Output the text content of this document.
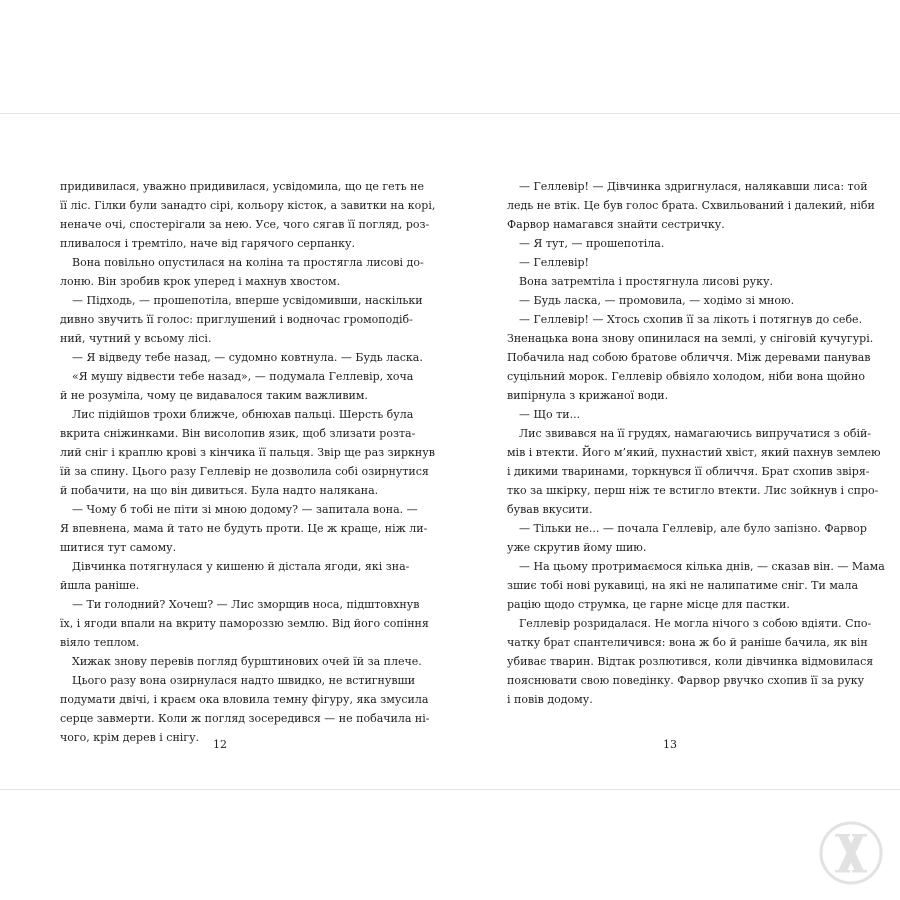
придивилася, уважно придивилася, усвідомила, що це геть не
її ліс. Гілки були занадто сірі, кольору кісток, а завитки на корі,
неначе очі, спостерігали за нею. Усе, чого сягав її погляд, роз-
пливалося і тремтіло, наче від гарячого серпанку.
Вона повільно опустилася на коліна та простягла лисові до-
лоню. Він зробив крок уперед і махнув хвостом.
— Підходь, — прошепотіла, вперше усвідомивши, наскільки
дивно звучить її голос: приглушений і водночас громоподіб-
ний, чутний у всьому лісі.
— Я відведу тебе назад, — судомно ковтнула. — Будь ласка.
«Я мушу відвести тебе назад», — подумала Геллевір, хоча
й не розуміла, чому це видавалося таким важливим.
Лис підійшов трохи ближче, обнюхав пальці. Шерсть була
вкрита сніжинками. Він висолопив язик, щоб злизати розта-
лий сніг і краплю крові з кінчика її пальця. Звір ще раз зиркнув
їй за спину. Цього разу Геллевір не дозволила собі озирнутися
й побачити, на що він дивиться. Була надто налякана.
— Чому б тобі не піти зі мною додому? — запитала вона. —
Я впевнена, мама й тато не будуть проти. Це ж краще, ніж ли-
шитися тут самому.
Дівчинка потягнулася у кишеню й дістала ягоди, які зна-
йшла раніше.
— Ти голодний? Хочеш? — Лис зморщив носа, підштовхнув
їх, і ягоди впали на вкриту памороззю землю. Від його сопіння
віяло теплом.
Хижак знову перевів погляд бурштинових очей їй за плече.
Цього разу вона озирнулася надто швидко, не встигнувши
подумати двічі, і краєм ока вловила темну фігуру, яка змусила
серце завмерти. Коли ж погляд зосередився — не побачила ні-
чого, крім дерев і снігу.
12
— Геллевір! — Дівчинка здригнулася, налякавши лиса: той
ледь не втік. Це був голос брата. Схвильований і далекий, ніби
Фарвор намагався знайти сестричку.
— Я тут, — прошепотіла.
— Геллевір!
Вона затремтіла і простягнула лисові руку.
— Будь ласка, — промовила, — ходімо зі мною.
— Геллевір! — Хтось схопив її за лікоть і потягнув до себе.
Зненацька вона знову опинилася на землі, у сніговій кучугурі.
Побачила над собою братове обличчя. Між деревами панував
суцільний морок. Геллевір обвіяло холодом, ніби вона щойно
випірнула з крижаної води.
— Що ти...
Лис звивався на її грудях, намагаючись випручатися з обій-
мів і втекти. Його м’який, пухнастий хвіст, який пахнув землею
і дикими тваринами, торкнувся її обличчя. Брат схопив звіря-
тко за шкірку, перш ніж те встигло втекти. Лис зойкнув і спро-
бував вкусити.
— Тільки не... — почала Геллевір, але було запізно. Фарвор
уже скрутив йому шию.
— На цьому протримаємося кілька днів, — сказав він. — Мама
зшиє тобі нові рукавиці, на які не налипатиме сніг. Ти мала
рацію щодо струмка, це гарне місце для пастки.
Геллевір розридалася. Не могла нічого з собою вдіяти. Спо-
чатку брат спантеличився: вона ж бо й раніше бачила, як він
убиває тварин. Відтак розлютився, коли дівчинка відмовилася
пояснювати свою поведінку. Фарвор рвучко схопив її за руку
і повів додому.
13
